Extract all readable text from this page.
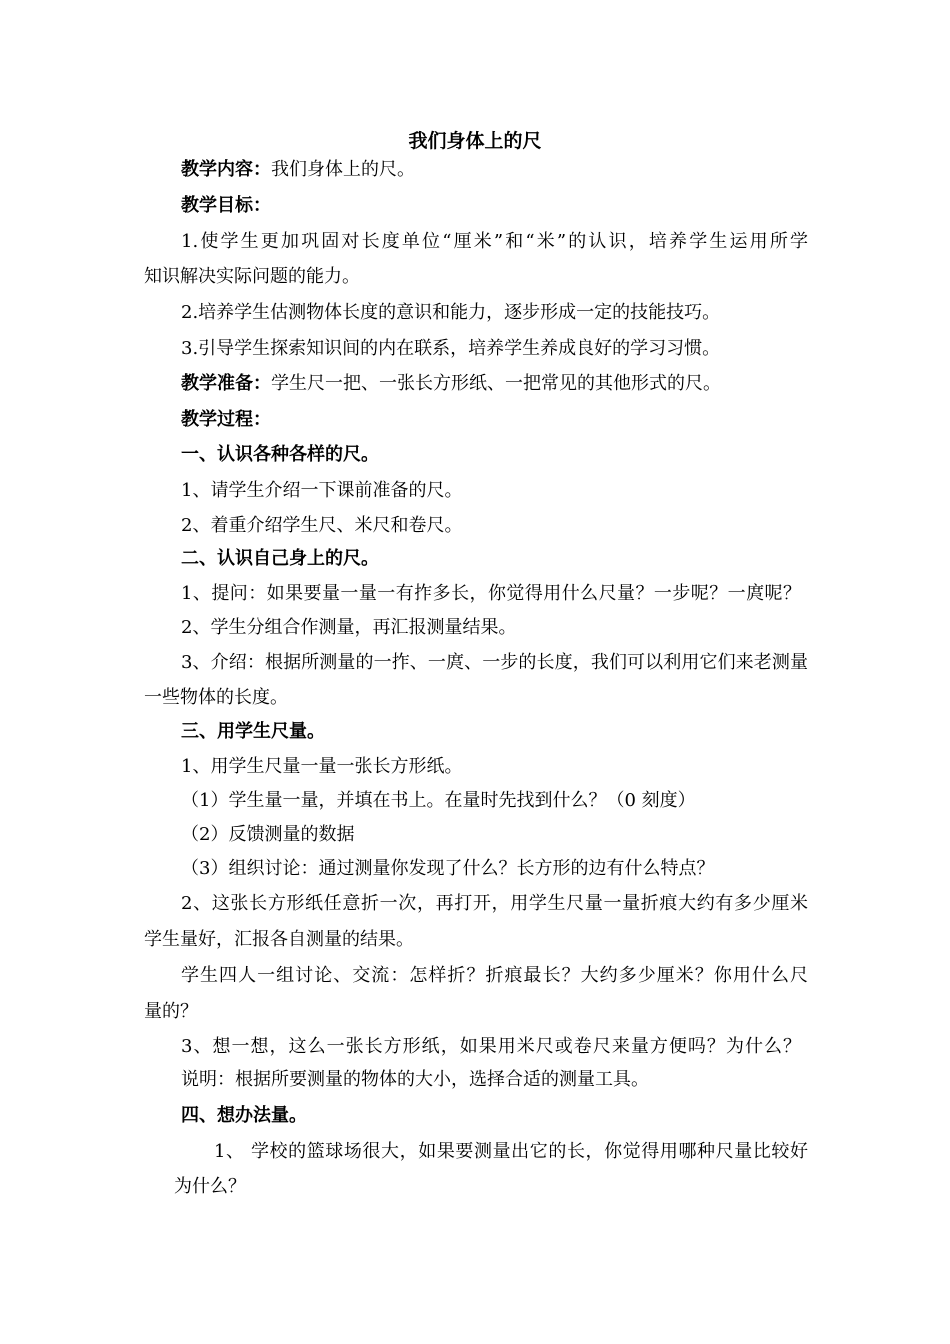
我们身体上的尺
教学内容：我们身体上的尺。
教学目标：
1.使学生更加巩固对长度单位“厘米”和“米”的认识，培养学生运用所学
知识解决实际问题的能力。
2.培养学生估测物体长度的意识和能力，逐步形成一定的技能技巧。
3.引导学生探索知识间的内在联系，培养学生养成良好的学习习惯。
教学准备：学生尺一把、一张长方形纸、一把常见的其他形式的尺。
教学过程：
一、认识各种各样的尺。
1、请学生介绍一下课前准备的尺。
2、着重介绍学生尺、米尺和卷尺。
二、认识自己身上的尺。
1、提问：如果要量一量一有拃多长，你觉得用什么尺量？一步呢？一庹呢？
2、学生分组合作测量，再汇报测量结果。
3、介绍：根据所测量的一拃、一庹、一步的长度，我们可以利用它们来老测量
一些物体的长度。
三、用学生尺量。
1、用学生尺量一量一张长方形纸。
（1）学生量一量，并填在书上。在量时先找到什么？（0 刻度）
（2）反馈测量的数据
（3）组织讨论：通过测量你发现了什么？长方形的边有什么特点？
2、这张长方形纸任意折一次，再打开，用学生尺量一量折痕大约有多少厘米
学生量好，汇报各自测量的结果。
学生四人一组讨论、交流：怎样折？折痕最长？大约多少厘米？你用什么尺
量的？
3、想一想，这么一张长方形纸，如果用米尺或卷尺来量方便吗？为什么？
说明：根据所要测量的物体的大小，选择合适的测量工具。
四、想办法量。
1、 学校的篮球场很大，如果要测量出它的长，你觉得用哪种尺量比较好
为什么？
